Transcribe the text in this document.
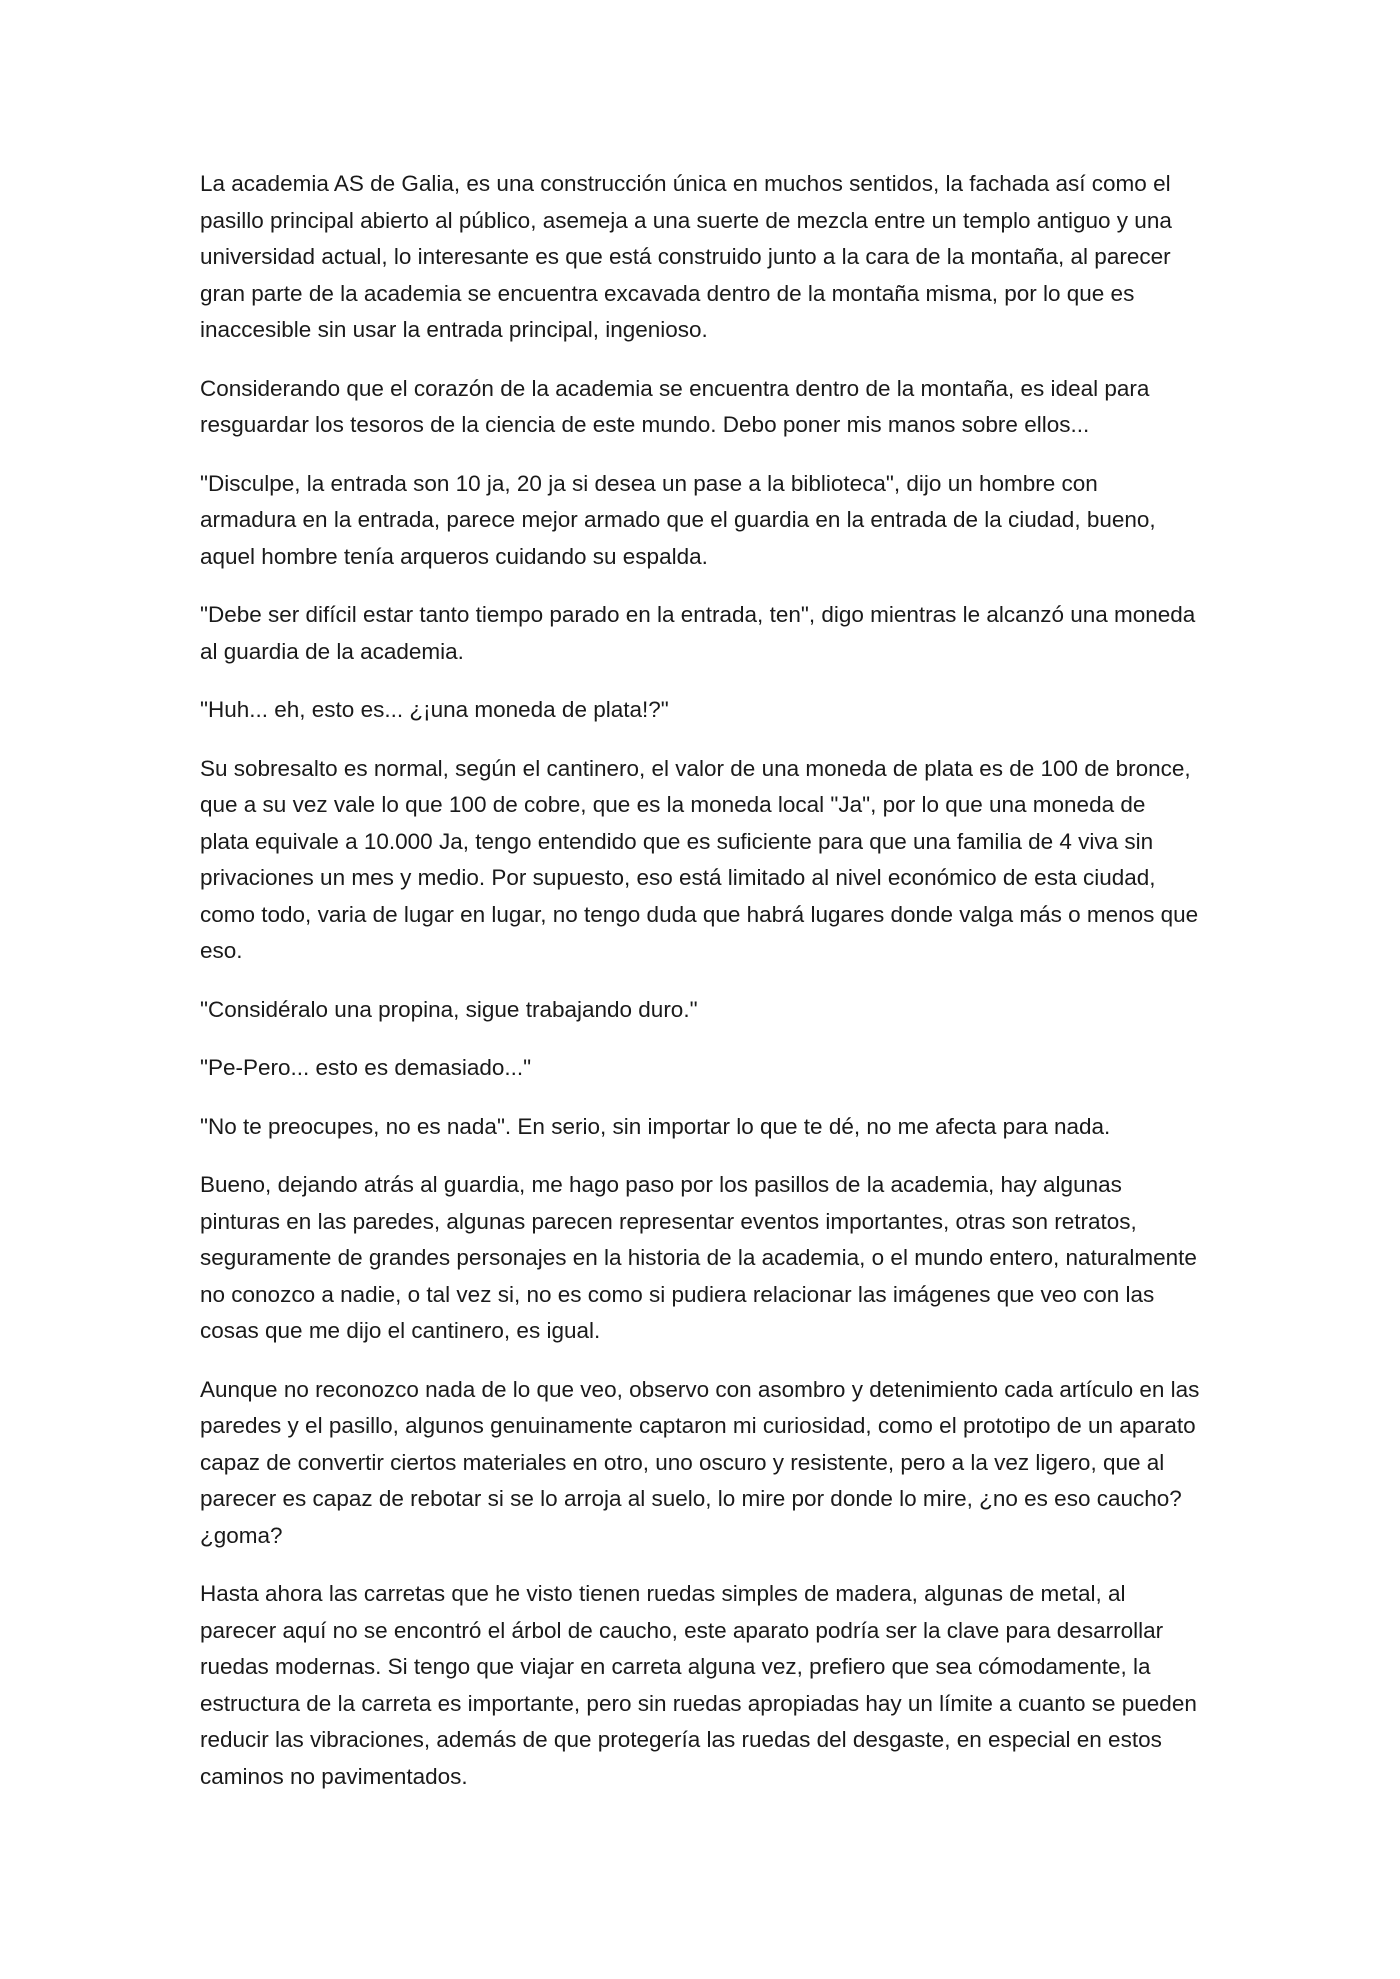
La academia AS de Galia, es una construcción única en muchos sentidos, la fachada así como el pasillo principal abierto al público, asemeja a una suerte de mezcla entre un templo antiguo y una universidad actual, lo interesante es que está construido junto a la cara de la montaña, al parecer gran parte de la academia se encuentra excavada dentro de la montaña misma, por lo que es inaccesible sin usar la entrada principal, ingenioso.

Considerando que el corazón de la academia se encuentra dentro de la montaña, es ideal para resguardar los tesoros de la ciencia de este mundo. Debo poner mis manos sobre ellos...

"Disculpe, la entrada son 10 ja, 20 ja si desea un pase a la biblioteca", dijo un hombre con armadura en la entrada, parece mejor armado que el guardia en la entrada de la ciudad, bueno, aquel hombre tenía arqueros cuidando su espalda.

"Debe ser difícil estar tanto tiempo parado en la entrada, ten", digo mientras le alcanzó una moneda al guardia de la academia.

"Huh... eh, esto es... ¿¡una moneda de plata!?"

Su sobresalto es normal, según el cantinero, el valor de una moneda de plata es de 100 de bronce, que a su vez vale lo que 100 de cobre, que es la moneda local "Ja", por lo que una moneda de plata equivale a 10.000 Ja, tengo entendido que es suficiente para que una familia de 4 viva sin privaciones un mes y medio. Por supuesto, eso está limitado al nivel económico de esta ciudad, como todo, varia de lugar en lugar, no tengo duda que habrá lugares donde valga más o menos que eso.

"Considéralo una propina, sigue trabajando duro."

"Pe-Pero... esto es demasiado..."

"No te preocupes, no es nada". En serio, sin importar lo que te dé, no me afecta para nada.

Bueno, dejando atrás al guardia, me hago paso por los pasillos de la academia, hay algunas pinturas en las paredes, algunas parecen representar eventos importantes, otras son retratos, seguramente de grandes personajes en la historia de la academia, o el mundo entero, naturalmente no conozco a nadie, o tal vez si, no es como si pudiera relacionar las imágenes que veo con las cosas que me dijo el cantinero, es igual.

Aunque no reconozco nada de lo que veo, observo con asombro y detenimiento cada artículo en las paredes y el pasillo, algunos genuinamente captaron mi curiosidad, como el prototipo de un aparato capaz de convertir ciertos materiales en otro, uno oscuro y resistente, pero a la vez ligero, que al parecer es capaz de rebotar si se lo arroja al suelo, lo mire por donde lo mire, ¿no es eso caucho? ¿goma?

Hasta ahora las carretas que he visto tienen ruedas simples de madera, algunas de metal, al parecer aquí no se encontró el árbol de caucho, este aparato podría ser la clave para desarrollar ruedas modernas. Si tengo que viajar en carreta alguna vez, prefiero que sea cómodamente, la estructura de la carreta es importante, pero sin ruedas apropiadas hay un límite a cuanto se pueden reducir las vibraciones, además de que protegería las ruedas del desgaste, en especial en estos caminos no pavimentados.
